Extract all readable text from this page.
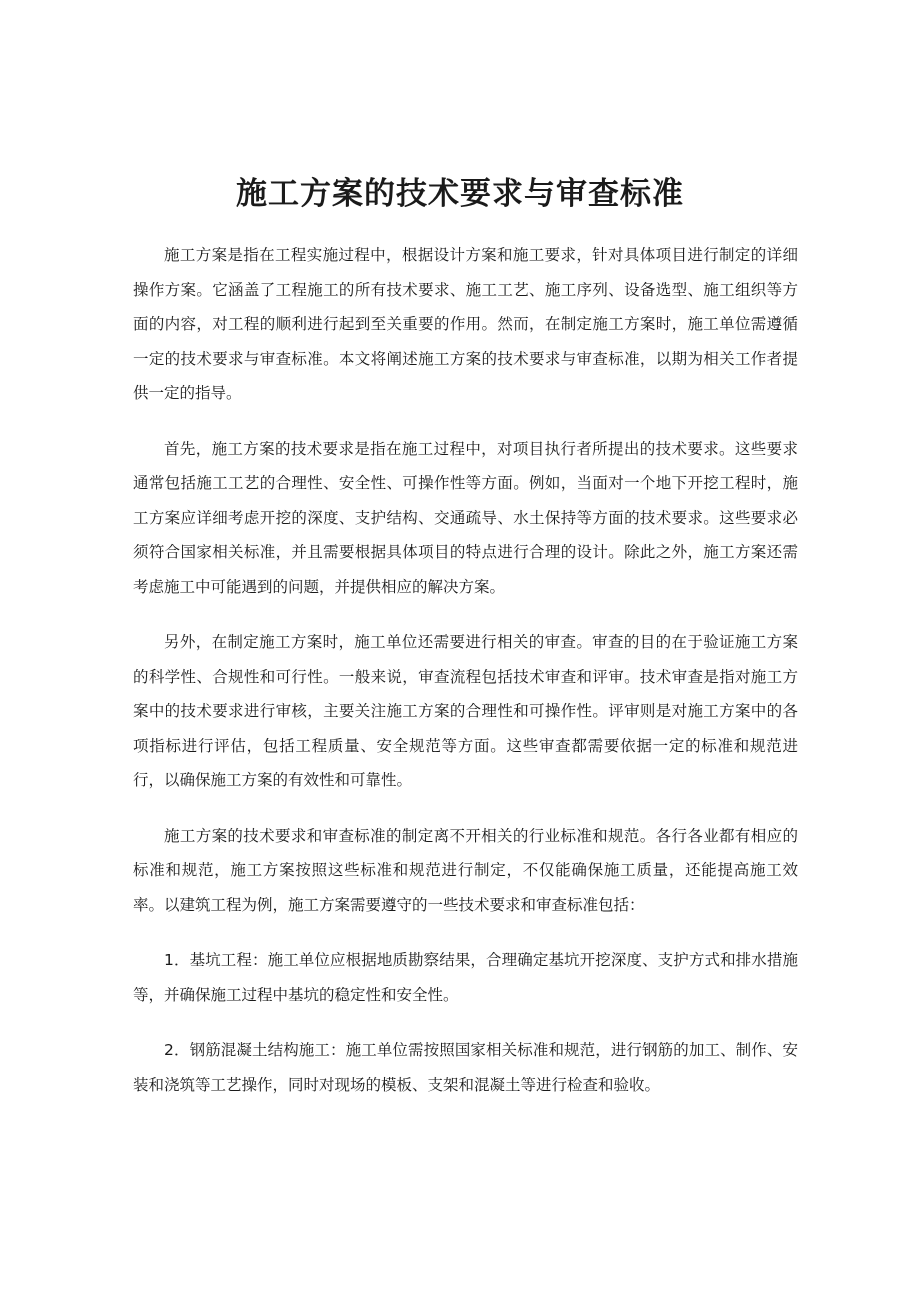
施工方案的技术要求与审查标准

施工方案是指在工程实施过程中，根据设计方案和施工要求，针对具体项目进行制定的详细操作方案。它涵盖了工程施工的所有技术要求、施工工艺、施工序列、设备选型、施工组织等方面的内容，对工程的顺利进行起到至关重要的作用。然而，在制定施工方案时，施工单位需遵循一定的技术要求与审查标准。本文将阐述施工方案的技术要求与审查标准，以期为相关工作者提供一定的指导。

首先，施工方案的技术要求是指在施工过程中，对项目执行者所提出的技术要求。这些要求通常包括施工工艺的合理性、安全性、可操作性等方面。例如，当面对一个地下开挖工程时，施工方案应详细考虑开挖的深度、支护结构、交通疏导、水土保持等方面的技术要求。这些要求必须符合国家相关标准，并且需要根据具体项目的特点进行合理的设计。除此之外，施工方案还需考虑施工中可能遇到的问题，并提供相应的解决方案。

另外，在制定施工方案时，施工单位还需要进行相关的审查。审查的目的在于验证施工方案的科学性、合规性和可行性。一般来说，审查流程包括技术审查和评审。技术审查是指对施工方案中的技术要求进行审核，主要关注施工方案的合理性和可操作性。评审则是对施工方案中的各项指标进行评估，包括工程质量、安全规范等方面。这些审查都需要依据一定的标准和规范进行，以确保施工方案的有效性和可靠性。

施工方案的技术要求和审查标准的制定离不开相关的行业标准和规范。各行各业都有相应的标准和规范，施工方案按照这些标准和规范进行制定，不仅能确保施工质量，还能提高施工效率。以建筑工程为例，施工方案需要遵守的一些技术要求和审查标准包括：

1．基坑工程：施工单位应根据地质勘察结果，合理确定基坑开挖深度、支护方式和排水措施等，并确保施工过程中基坑的稳定性和安全性。

2．钢筋混凝土结构施工：施工单位需按照国家相关标准和规范，进行钢筋的加工、制作、安装和浇筑等工艺操作，同时对现场的模板、支架和混凝土等进行检查和验收。
